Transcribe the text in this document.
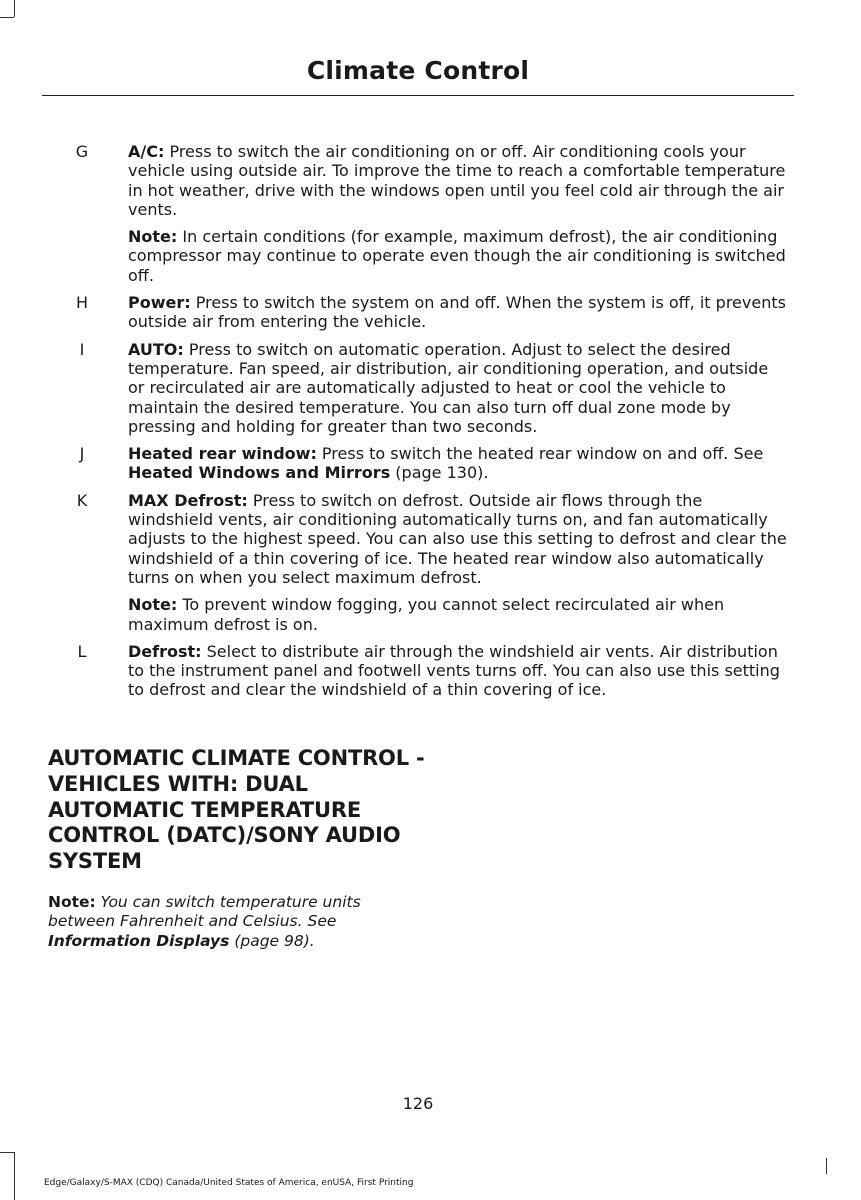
Climate Control
G	A/C: Press to switch the air conditioning on or off. Air conditioning cools your vehicle using outside air. To improve the time to reach a comfortable temperature in hot weather, drive with the windows open until you feel cold air through the air vents.
Note: In certain conditions (for example, maximum defrost), the air conditioning compressor may continue to operate even though the air conditioning is switched off.
H	Power: Press to switch the system on and off. When the system is off, it prevents outside air from entering the vehicle.
I	AUTO: Press to switch on automatic operation. Adjust to select the desired temperature. Fan speed, air distribution, air conditioning operation, and outside or recirculated air are automatically adjusted to heat or cool the vehicle to maintain the desired temperature. You can also turn off dual zone mode by pressing and holding for greater than two seconds.
J	Heated rear window: Press to switch the heated rear window on and off. See Heated Windows and Mirrors (page 130).
K	MAX Defrost: Press to switch on defrost. Outside air flows through the windshield vents, air conditioning automatically turns on, and fan automatically adjusts to the highest speed. You can also use this setting to defrost and clear the windshield of a thin covering of ice. The heated rear window also automatically turns on when you select maximum defrost.
Note: To prevent window fogging, you cannot select recirculated air when maximum defrost is on.
L	Defrost: Select to distribute air through the windshield air vents. Air distribution to the instrument panel and footwell vents turns off. You can also use this setting to defrost and clear the windshield of a thin covering of ice.
AUTOMATIC CLIMATE CONTROL - VEHICLES WITH: DUAL AUTOMATIC TEMPERATURE CONTROL (DATC)/SONY AUDIO SYSTEM
Note: You can switch temperature units between Fahrenheit and Celsius. See Information Displays (page 98).
126
Edge/Galaxy/S-MAX (CDQ) Canada/United States of America, enUSA, First Printing
